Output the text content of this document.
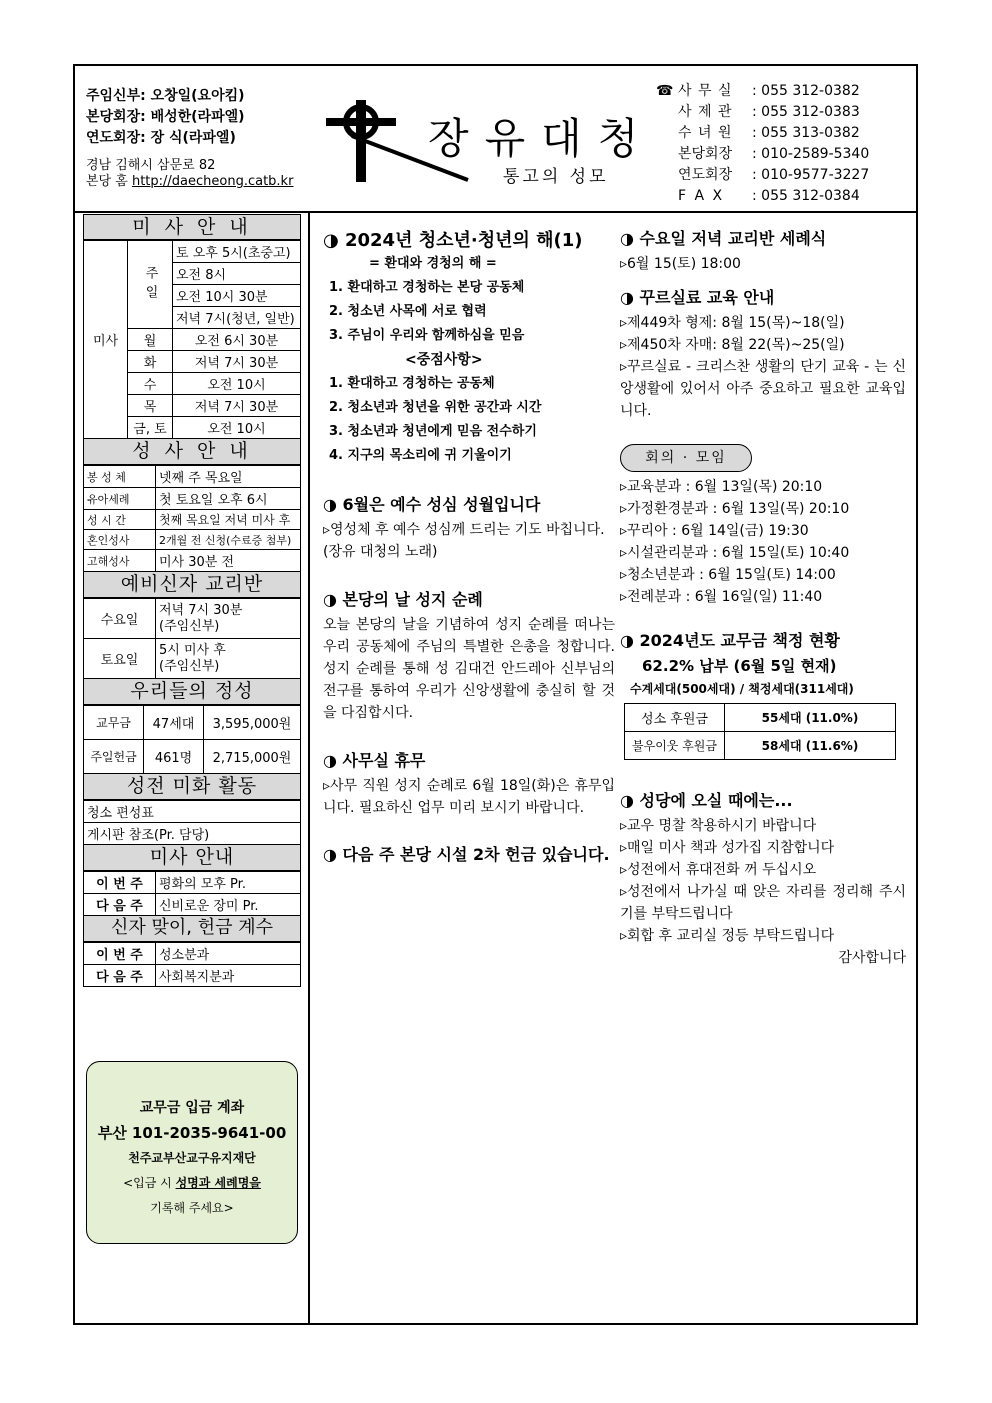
주임신부: 오창일(요아킴)
본당회장: 배성한(라파엘)
연도회장: 장 식(라파엘)
경남 김해시 삼문로 82
본당 홈 http://daecheong.catb.kr
장유대청
통고의 성모
☎ 사 무 실	: 055 312-0382
사 제 관	: 055 312-0383
수 녀 원	: 055 313-0382
본당회장	: 010-2589-5340
연도회장	: 010-9577-3227
F A X	: 055 312-0384
미 사 안 내
미사	주일	토 오후 5시(초중고)
		오전 8시
		오전 10시 30분
		저녁 7시(청년, 일반)
	월	오전 6시 30분
	화	저녁 7시 30분
	수	오전 10시
	목	저녁 7시 30분
	금, 토	오전 10시
성 사 안 내
봉 성 체	넷째 주 목요일
유아세례	첫 토요일 오후 6시
성 시 간	첫째 목요일 저녁 미사 후
혼인성사	2개월 전 신청(수료증 첨부)
고해성사	미사 30분 전
예비신자 교리반
수요일	저녁 7시 30분
(주임신부)

토요일	5시 미사 후
(주임신부)
우리들의 정성
교무금	47세대	3,595,000원
주일헌금	461명	2,715,000원
성전 미화 활동
청소 편성표
게시판 참조(Pr. 담당)
미사 안내
이 번 주	평화의 모후 Pr.
다 음 주	신비로운 장미 Pr.
신자 맞이, 헌금 계수
이 번 주	성소분과
다 음 주	사회복지분과
교무금 입금 계좌
부산 101-2035-9641-00
천주교부산교구유지재단
<입금 시 성명과 세례명을
기록해 주세요>
◑ 2024년 청소년·청년의 해(1)
= 환대와 경청의 해 =
1. 환대하고 경청하는 본당 공동체
2. 청소년 사목에 서로 협력
3. 주님이 우리와 함께하심을 믿음
<중점사항>
1. 환대하고 경청하는 공동체
2. 청소년과 청년을 위한 공간과 시간
3. 청소년과 청년에게 믿음 전수하기
4. 지구의 목소리에 귀 기울이기
◑ 6월은 예수 성심 성월입니다
▹영성체 후 예수 성심께 드리는 기도 바칩니다.(장유 대청의 노래)
◑ 본당의 날 성지 순례
오늘 본당의 날을 기념하여 성지 순례를 떠나는 우리 공동체에 주님의 특별한 은총을 청합니다. 성지 순례를 통해 성 김대건 안드레아 신부님의 전구를 통하여 우리가 신앙생활에 충실히 할 것을 다짐합시다.
◑ 사무실 휴무
▹사무 직원 성지 순례로 6월 18일(화)은 휴무입니다. 필요하신 업무 미리 보시기 바랍니다.
◑ 다음 주 본당 시설 2차 헌금 있습니다.
◑ 수요일 저녁 교리반 세례식
▹6월 15(토) 18:00
◑ 꾸르실료 교육 안내
▹제449차 형제: 8월 15(목)~18(일)
▹제450차 자매: 8월 22(목)~25(일)
▹꾸르실료 - 크리스찬 생활의 단기 교육 - 는 신앙생활에 있어서 아주 중요하고 필요한 교육입니다.
회의 · 모임
▹교육분과 : 6월 13일(목) 20:10
▹가정환경분과 : 6월 13일(목) 20:10
▹꾸리아 : 6월 14일(금) 19:30
▹시설관리분과 : 6월 15일(토) 10:40
▹청소년분과 : 6월 15일(토) 14:00
▹전례분과 : 6월 16일(일) 11:40
◑ 2024년도 교무금 책정 현황
62.2% 납부 (6월 5일 현재)
수계세대(500세대) / 책정세대(311세대)
성소 후원금	55세대 (11.0%)
불우이웃 후원금	58세대 (11.6%)
◑ 성당에 오실 때에는...
▹교우 명찰 착용하시기 바랍니다
▹매일 미사 책과 성가집 지참합니다
▹성전에서 휴대전화 꺼 두십시오
▹성전에서 나가실 때 앉은 자리를 정리해 주시기를 부탁드립니다
▹회합 후 교리실 정등 부탁드립니다
감사합니다
